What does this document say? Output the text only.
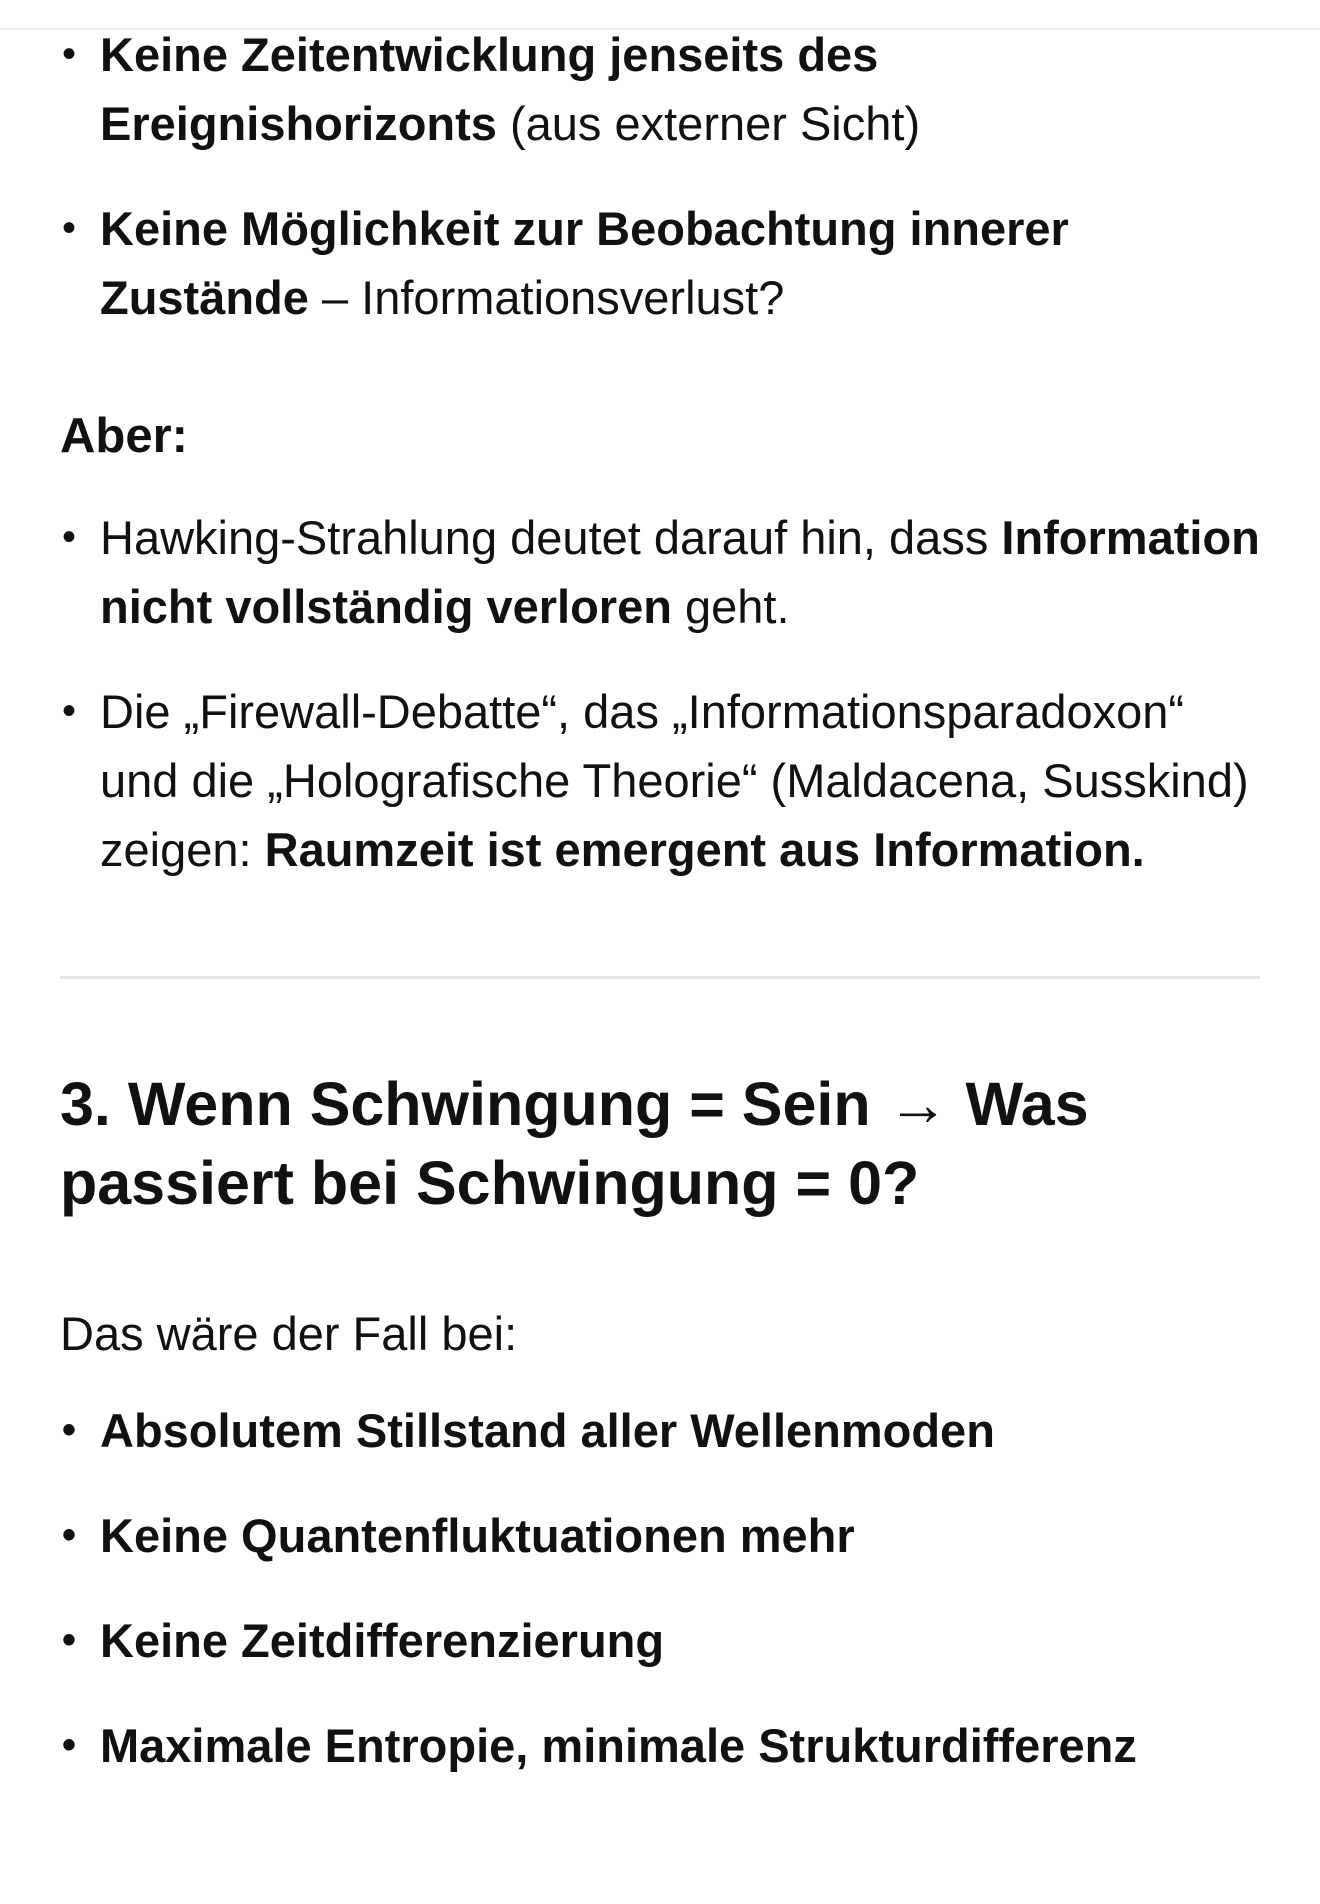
• Keine Zeitentwicklung jenseits des Ereignishorizonts (aus externer Sicht)
• Keine Möglichkeit zur Beobachtung innerer Zustände – Informationsverlust?
Aber:
• Hawking-Strahlung deutet darauf hin, dass Information nicht vollständig verloren geht.
• Die „Firewall-Debatte“, das „Informationsparadoxon“ und die „Holografische Theorie“ (Maldacena, Susskind) zeigen: Raumzeit ist emergent aus Information.
3. Wenn Schwingung = Sein → Was passiert bei Schwingung = 0?
Das wäre der Fall bei:
• Absolutem Stillstand aller Wellenmoden
• Keine Quantenfluktuationen mehr
• Keine Zeitdifferenzierung
• Maximale Entropie, minimale Strukturdifferenz
